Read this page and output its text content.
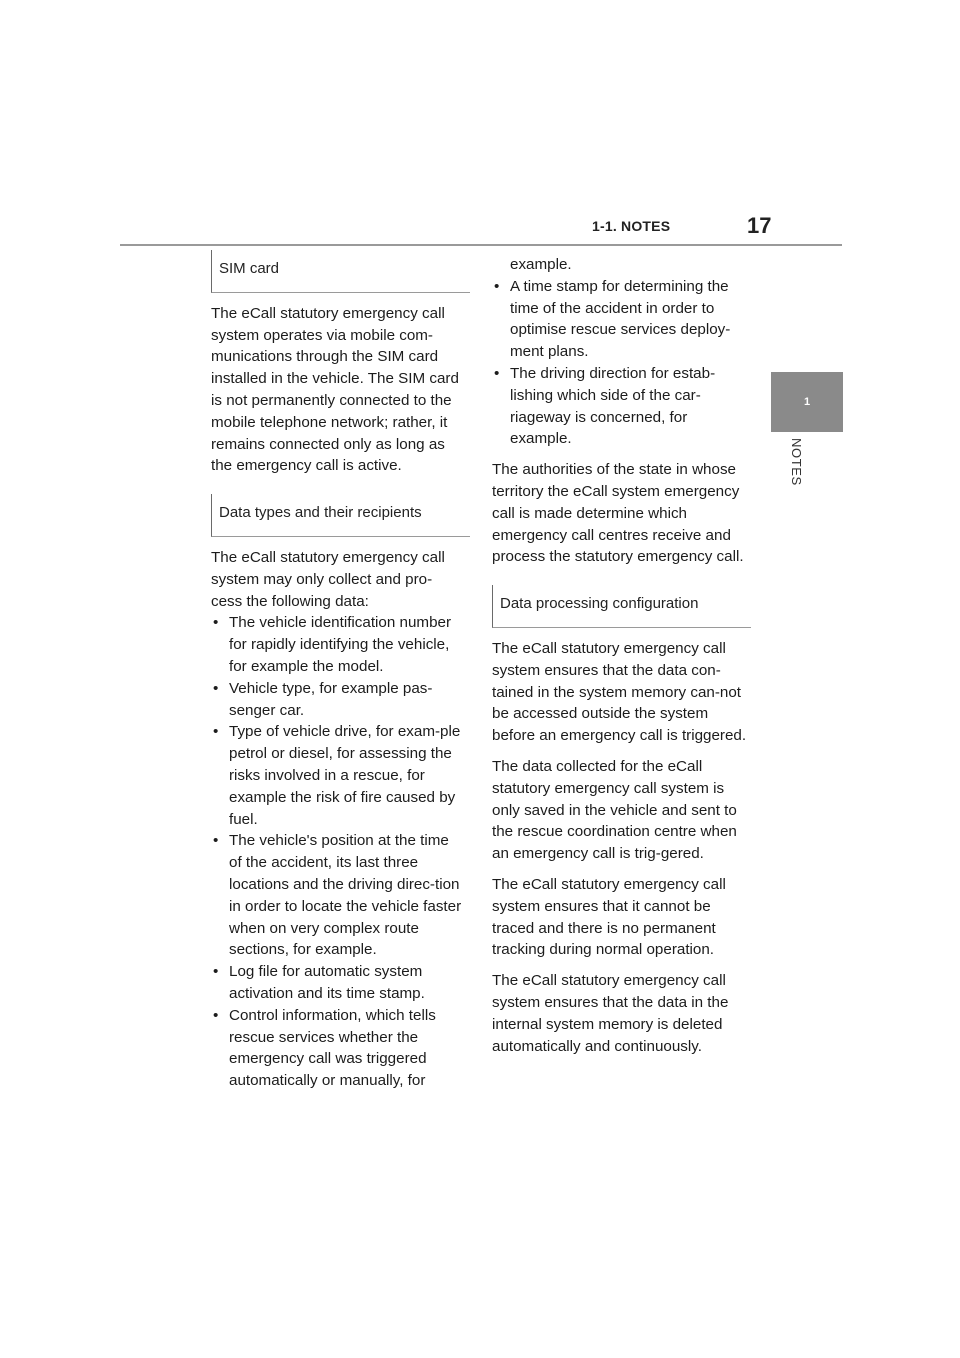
1-1. NOTES	17
1
NOTES
SIM card

The eCall statutory emergency call system operates via mobile com-munications through the SIM card installed in the vehicle. The SIM card is not permanently connected to the mobile telephone network; rather, it remains connected only as long as the emergency call is active.

Data types and their recipients

The eCall statutory emergency call system may only collect and pro-cess the following data:

• The vehicle identification number for rapidly identifying the vehicle, for example the model.
• Vehicle type, for example pas-senger car.
• Type of vehicle drive, for exam-ple petrol or diesel, for assessing the risks involved in a rescue, for example the risk of fire caused by fuel.
• The vehicle's position at the time of the accident, its last three locations and the driving direc-tion in order to locate the vehicle faster when on very complex route sections, for example.
• Log file for automatic system activation and its time stamp.
• Control information, which tells rescue services whether the emergency call was triggered automatically or manually, for
example.
• A time stamp for determining the time of the accident in order to optimise rescue services deploy-ment plans.
• The driving direction for estab-lishing which side of the car-riageway is concerned, for example.

The authorities of the state in whose territory the eCall system emergency call is made determine which emergency call centres receive and process the statutory emergency call.

Data processing configuration

The eCall statutory emergency call system ensures that the data con-tained in the system memory can-not be accessed outside the system before an emergency call is triggered.

The data collected for the eCall statutory emergency call system is only saved in the vehicle and sent to the rescue coordination centre when an emergency call is trig-gered.

The eCall statutory emergency call system ensures that it cannot be traced and there is no permanent tracking during normal operation.

The eCall statutory emergency call system ensures that the data in the internal system memory is deleted automatically and continuously.
